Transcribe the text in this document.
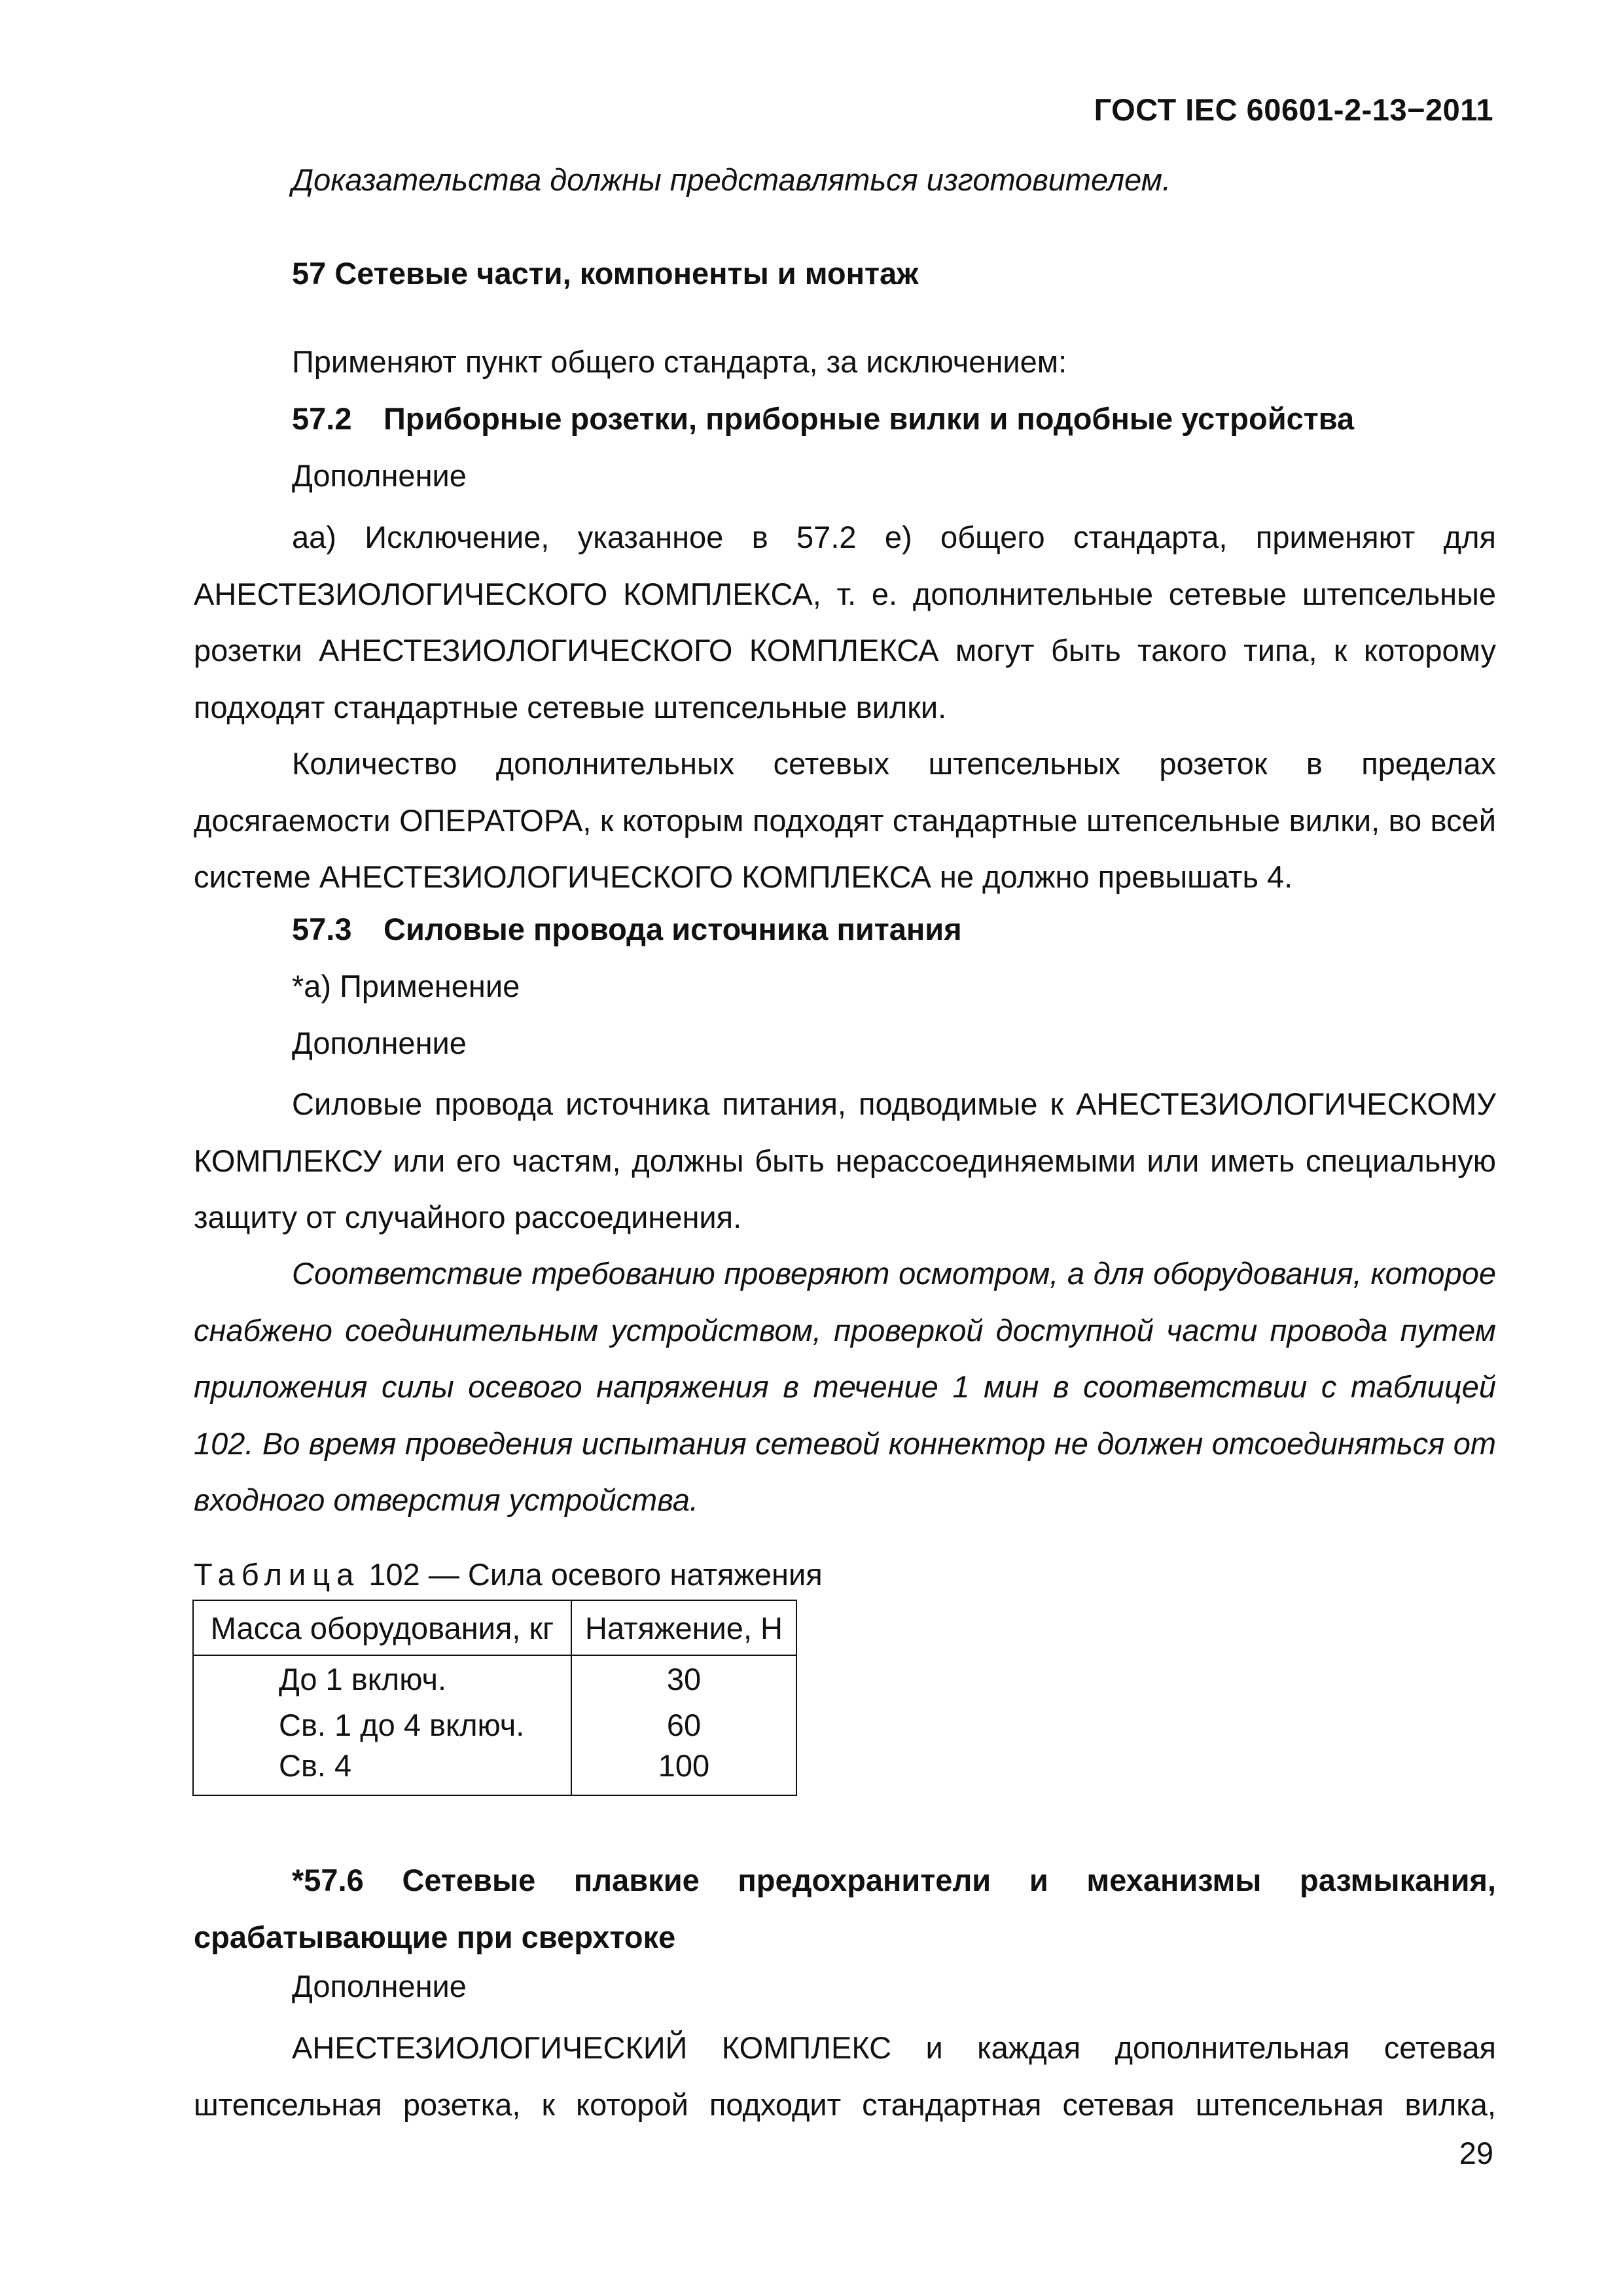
ГОСТ IEC 60601-2-13−2011

Доказательства должны представляться изготовителем.

57 Сетевые части, компоненты и монтаж
Применяют пункт общего стандарта, за исключением:
57.2 Приборные розетки, приборные вилки и подобные устройства
Дополнение

аа) Исключение, указанное в 57.2 е) общего стандарта, применяют для АНЕСТЕЗИОЛОГИЧЕСКОГО КОМПЛЕКСА, т. е. дополнительные сетевые штепсельные розетки АНЕСТЕЗИОЛОГИЧЕСКОГО КОМПЛЕКСА могут быть такого типа, к которому подходят стандартные сетевые штепсельные вилки.

Количество дополнительных сетевых штепсельных розеток в пределах досягаемости ОПЕРАТОРА, к которым подходят стандартные штепсельные вилки, во всей системе АНЕСТЕЗИОЛОГИЧЕСКОГО КОМПЛЕКСА не должно превышать 4.

57.3 Силовые провода источника питания
*а) Применение
Дополнение

Силовые провода источника питания, подводимые к АНЕСТЕЗИОЛОГИЧЕСКОМУ КОМПЛЕКСУ или его частям, должны быть нерассоединяемыми или иметь специальную защиту от случайного рассоединения.

Соответствие требованию проверяют осмотром, а для оборудования, которое снабжено соединительным устройством, проверкой доступной части провода путем приложения силы осевого напряжения в течение 1 мин в соответствии с таблицей 102. Во время проведения испытания сетевой коннектор не должен отсоединяться от входного отверстия устройства.

Таблица 102 — Сила осевого натяжения
Масса оборудования, кг	Натяжение, Н
До 1 включ.	30
Св. 1 до 4 включ.	60
Св. 4	100

*57.6 Сетевые плавкие предохранители и механизмы размыкания, срабатывающие при сверхтоке

Дополнение

АНЕСТЕЗИОЛОГИЧЕСКИЙ КОМПЛЕКС и каждая дополнительная сетевая штепсельная розетка, к которой подходит стандартная сетевая штепсельная вилка,

29
